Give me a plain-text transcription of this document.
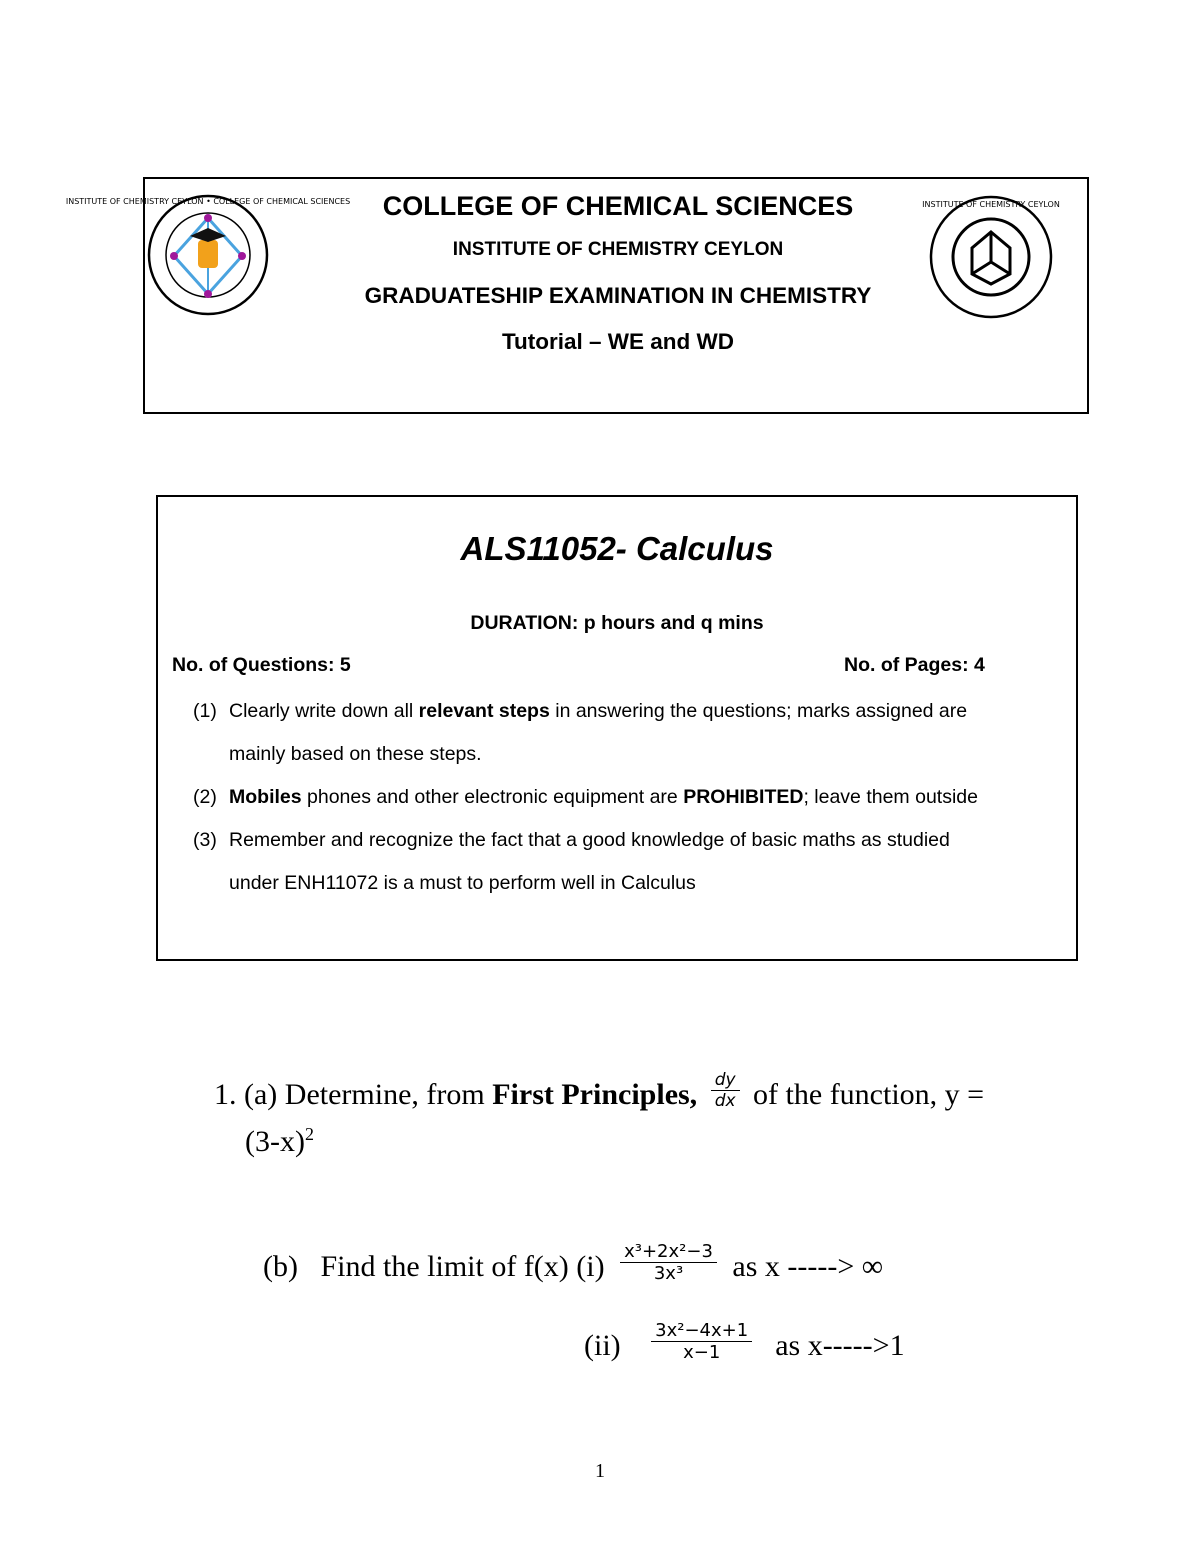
INSTITUTE OF CHEMISTRY CEYLON • COLLEGE OF CHEMICAL SCIENCES	COLLEGE OF CHEMICAL SCIENCES
INSTITUTE OF CHEMISTRY CEYLON
GRADUATESHIP EXAMINATION IN CHEMISTRY
Tutorial – WE and WD
INSTITUTE OF CHEMISTRY CEYLON
ALS11052- Calculus
DURATION: p hours and q mins
No. of Questions: 5	No. of Pages: 4
(1) Clearly write down all relevant steps in answering the questions; marks assigned are
mainly based on these steps.
(2) Mobiles phones and other electronic equipment are PROHIBITED; leave them outside
(3) Remember and recognize the fact that a good knowledge of basic maths as studied
under ENH11072 is a must to perform well in Calculus
1. (a) Determine, from First Principles, $\frac{dy}{dx}$ of the function, y =
$(3-x)^2$
(b) Find the limit of f(x) $(i) \frac{\text{x³+2x²−3}}{\text{3x³}}$ as x -----> ∞
$(ii) \frac{\text{3x²−4x+1}}{x-1}$ as x----->1
1
